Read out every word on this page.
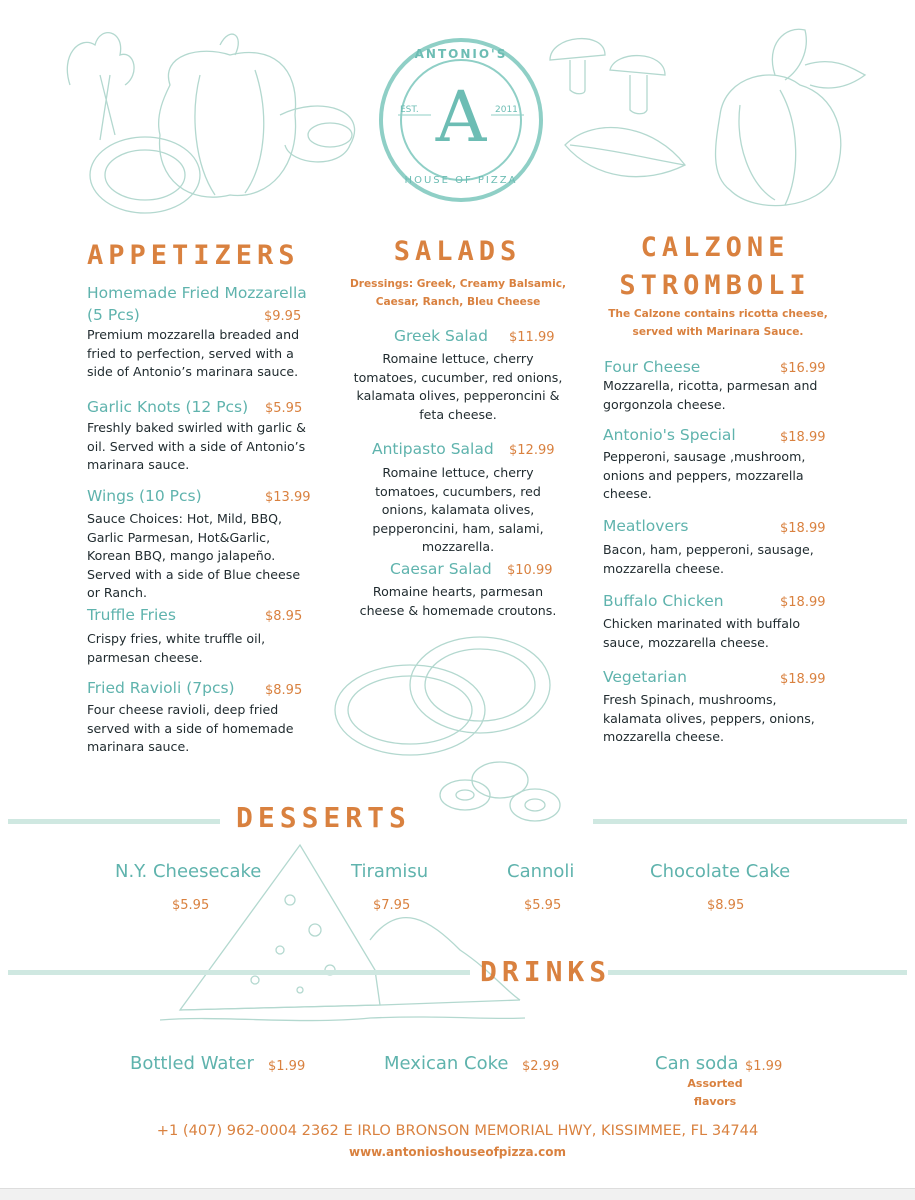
ANTONIO'S
A
EST.	2011
HOUSE OF PIZZA
APPETIZERS
Homemade Fried Mozzarella
(5 Pcs)	$9.95
Premium mozzarella breaded and fried to perfection, served with a side of Antonio’s marinara sauce.
Garlic Knots (12 Pcs) $5.95
Freshly baked swirled with garlic & oil. Served with a side of Antonio’s marinara sauce.
Wings (10 Pcs)	$13.99
Sauce Choices: Hot, Mild, BBQ, Garlic Parmesan, Hot&Garlic, Korean BBQ, mango jalapeño. Served with a side of Blue cheese or Ranch.
Truffle Fries	$8.95
Crispy fries, white truffle oil, parmesan cheese.
Fried Ravioli (7pcs) $8.95
Four cheese ravioli, deep fried served with a side of homemade marinara sauce.
SALADS
Dressings: Greek, Creamy Balsamic, Caesar, Ranch, Bleu Cheese
Greek Salad $11.99
Romaine lettuce, cherry tomatoes, cucumber, red onions, kalamata olives, pepperoncini & feta cheese.
Antipasto Salad $12.99
Romaine lettuce, cherry tomatoes, cucumbers, red onions, kalamata olives, pepperoncini, ham, salami, mozzarella.
Caesar Salad $10.99
Romaine hearts, parmesan cheese & homemade croutons.
CALZONE
STROMBOLI
The Calzone contains ricotta cheese, served with Marinara Sauce.
Four Cheese	$16.99
Mozzarella, ricotta, parmesan and gorgonzola cheese.
Antonio's Special	$18.99
Pepperoni, sausage ,mushroom, onions and peppers, mozzarella cheese.
Meatlovers	$18.99
Bacon, ham, pepperoni, sausage, mozzarella cheese.
Buffalo Chicken	$18.99
Chicken marinated with buffalo sauce, mozzarella cheese.
Vegetarian	$18.99
Fresh Spinach, mushrooms, kalamata olives, peppers, onions, mozzarella cheese.
DESSERTS
N.Y. Cheesecake
$5.95
Tiramisu
$7.95
Cannoli
$5.95
Chocolate Cake
$8.95
DRINKS
Bottled Water $1.99	Mexican Coke $2.99	Can soda $1.99
Assorted flavors
+1 (407) 962-0004 2362 E IRLO BRONSON MEMORIAL HWY, KISSIMMEE, FL 34744
www.antonioshouseofpizza.com
